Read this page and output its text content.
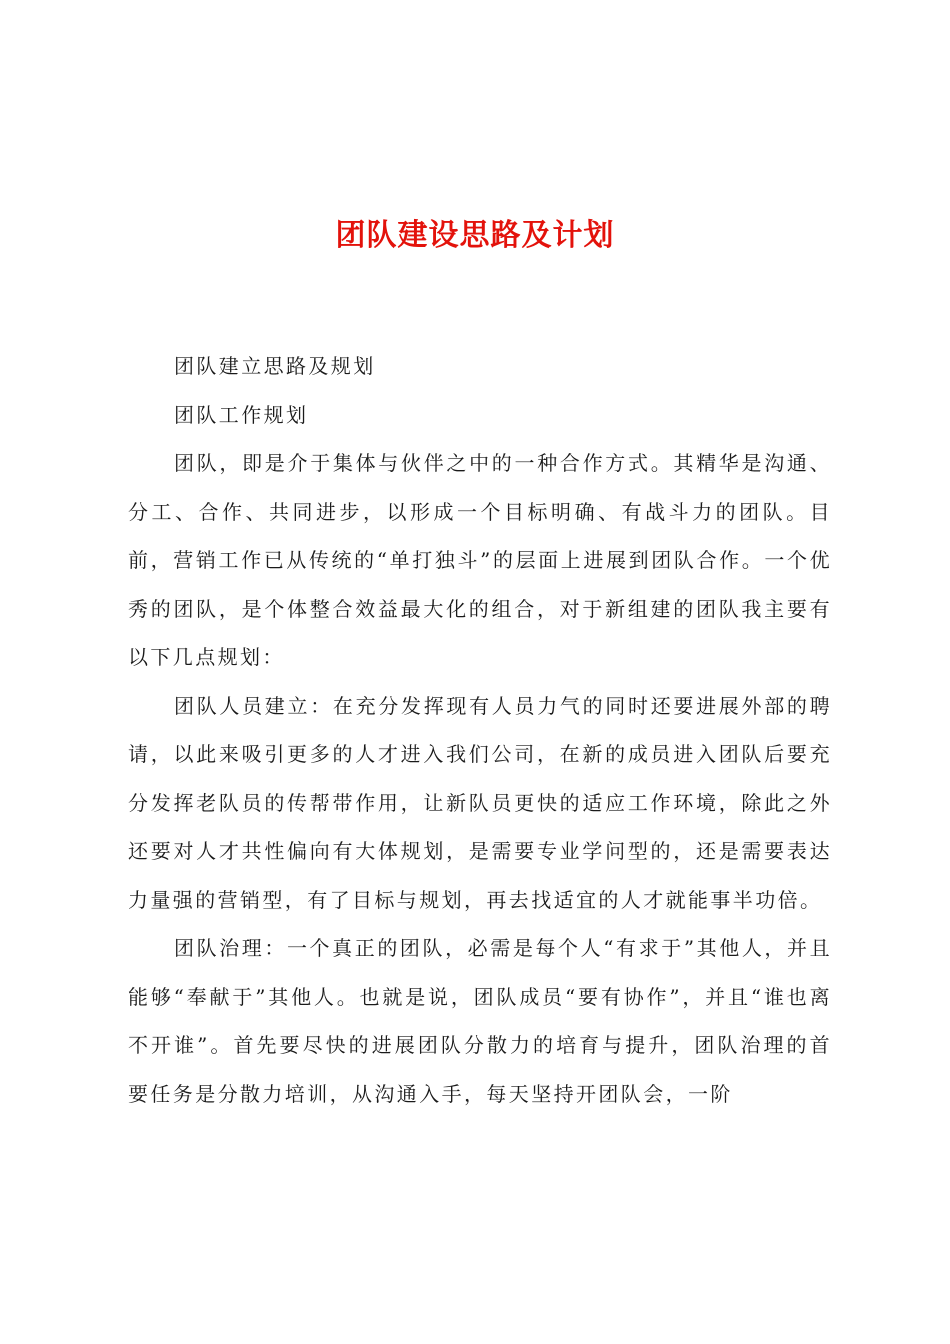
团队建设思路及计划

团队建立思路及规划

团队工作规划

团队，即是介于集体与伙伴之中的一种合作方式。其精华是沟通、分工、合作、共同进步，以形成一个目标明确、有战斗力的团队。目前，营销工作已从传统的“单打独斗”的层面上进展到团队合作。一个优秀的团队，是个体整合效益最大化的组合，对于新组建的团队我主要有以下几点规划：

团队人员建立：在充分发挥现有人员力气的同时还要进展外部的聘请，以此来吸引更多的人才进入我们公司，在新的成员进入团队后要充分发挥老队员的传帮带作用，让新队员更快的适应工作环境，除此之外还要对人才共性偏向有大体规划，是需要专业学问型的，还是需要表达力量强的营销型，有了目标与规划，再去找适宜的人才就能事半功倍。

团队治理：一个真正的团队，必需是每个人“有求于”其他人，并且能够“奉献于”其他人。也就是说，团队成员“要有协作”，并且“谁也离不开谁”。首先要尽快的进展团队分散力的培育与提升，团队治理的首要任务是分散力培训，从沟通入手，每天坚持开团队会，一阶
